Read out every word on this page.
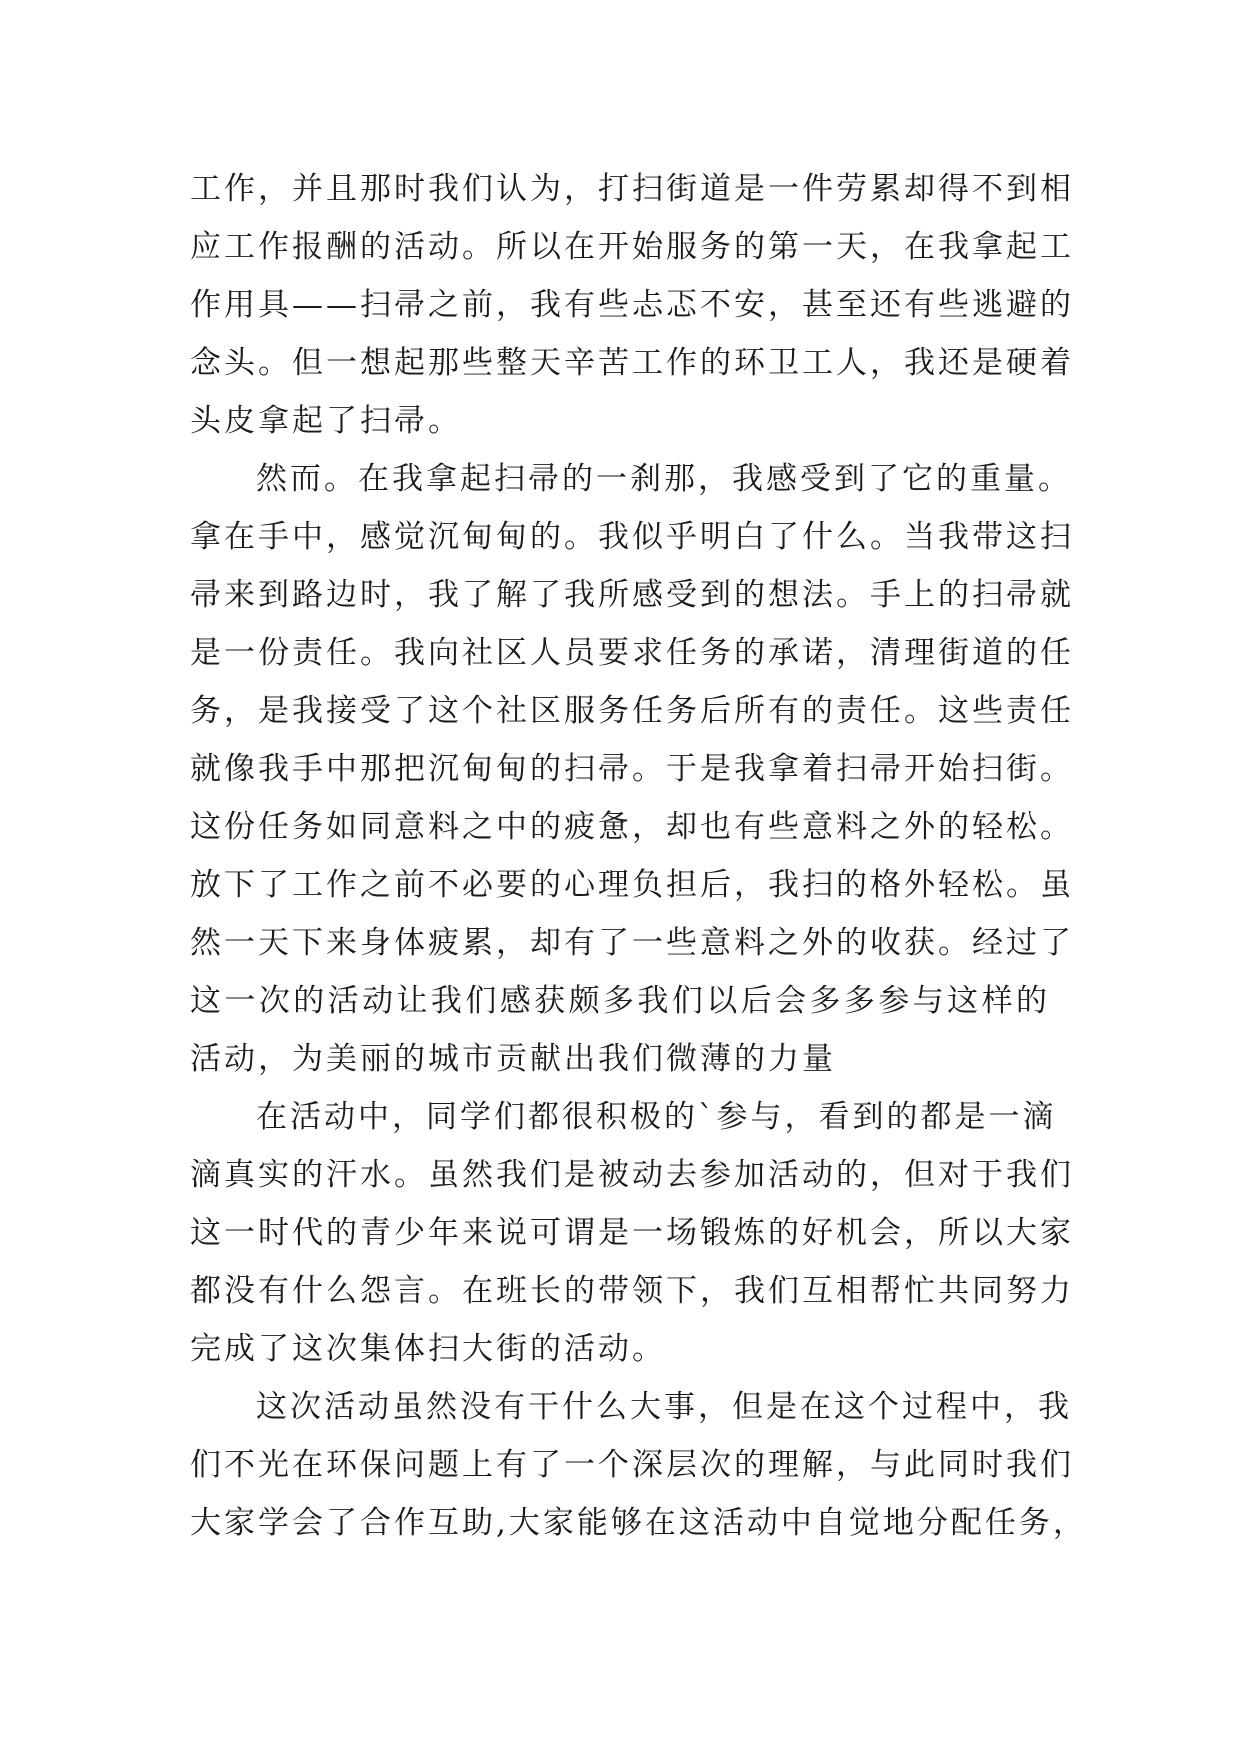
工作，并且那时我们认为，打扫街道是一件劳累却得不到相
应工作报酬的活动。所以在开始服务的第一天，在我拿起工
作用具——扫帚之前，我有些忐忑不安，甚至还有些逃避的
念头。但一想起那些整天辛苦工作的环卫工人，我还是硬着
头皮拿起了扫帚。
然而。在我拿起扫帚的一刹那，我感受到了它的重量。
拿在手中，感觉沉甸甸的。我似乎明白了什么。当我带这扫
帚来到路边时，我了解了我所感受到的想法。手上的扫帚就
是一份责任。我向社区人员要求任务的承诺，清理街道的任
务，是我接受了这个社区服务任务后所有的责任。这些责任
就像我手中那把沉甸甸的扫帚。于是我拿着扫帚开始扫街。
这份任务如同意料之中的疲惫，却也有些意料之外的轻松。
放下了工作之前不必要的心理负担后，我扫的格外轻松。虽
然一天下来身体疲累，却有了一些意料之外的收获。经过了
这一次的活动让我们感获颇多我们以后会多多参与这样的
活动，为美丽的城市贡献出我们微薄的力量
在活动中，同学们都很积极的`参与，看到的都是一滴
滴真实的汗水。虽然我们是被动去参加活动的，但对于我们
这一时代的青少年来说可谓是一场锻炼的好机会，所以大家
都没有什么怨言。在班长的带领下，我们互相帮忙共同努力
完成了这次集体扫大街的活动。
这次活动虽然没有干什么大事，但是在这个过程中，我
们不光在环保问题上有了一个深层次的理解，与此同时我们
大家学会了合作互助,大家能够在这活动中自觉地分配任务，
